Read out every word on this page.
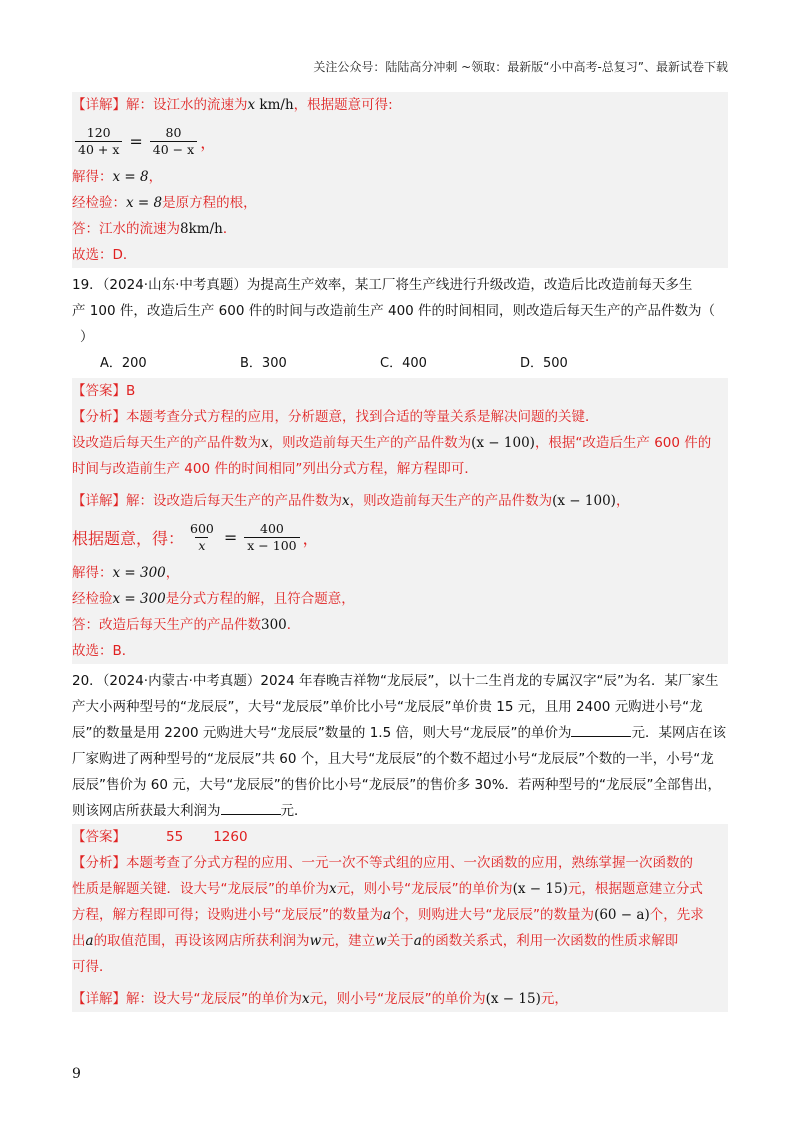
关注公众号：陆陆高分冲刺 ~领取：最新版“小中高考-总复习”、最新试卷下载
【详解】解：设江水的流速为x km/h，根据题意可得:
$\frac{120}{40 + x} = \frac{80}{40 - x}$ ，
解得：x = 8，
经检验：x = 8是原方程的根，
答：江水的流速为8km/h．
故选：D．
19．（2024·山东·中考真题）为提高生产效率，某工厂将生产线进行升级改造，改造后比改造前每天多生
产 100 件，改造后生产 600 件的时间与改造前生产 400 件的时间相同，则改造后每天生产的产品件数为（
）
A．200	B．300	C．400	D．500
【答案】B
【分析】本题考查分式方程的应用，分析题意，找到合适的等量关系是解决问题的关键．
设改造后每天生产的产品件数为x，则改造前每天生产的产品件数为(x − 100)，根据“改造后生产 600 件的
时间与改造前生产 400 件的时间相同”列出分式方程，解方程即可．
【详解】解：设改造后每天生产的产品件数为x，则改造前每天生产的产品件数为(x − 100)，
根据题意，得： $\frac{600}{x} = \frac{400}{x - 100}$ ，
解得：x = 300，
经检验x = 300是分式方程的解，且符合题意，
答：改造后每天生产的产品件数300．
故选：B．
20．（2024·内蒙古·中考真题）2024 年春晚吉祥物“龙辰辰”，以十二生肖龙的专属汉字“辰”为名．某厂家生
产大小两种型号的“龙辰辰”，大号“龙辰辰”单价比小号“龙辰辰”单价贵 15 元，且用 2400 元购进小号“龙
辰”的数量是用 2200 元购进大号“龙辰辰”数量的 1.5 倍，则大号“龙辰辰”的单价为	元．某网店在该
厂家购进了两种型号的“龙辰辰”共 60 个，且大号“龙辰辰”的个数不超过小号“龙辰辰”个数的一半，小号“龙
辰辰”售价为 60 元，大号“龙辰辰”的售价比小号“龙辰辰”的售价多 30%．若两种型号的“龙辰辰”全部售出，
则该网店所获最大利润为	元．
【答案】	55 1260
【分析】本题考查了分式方程的应用、一元一次不等式组的应用、一次函数的应用，熟练掌握一次函数的
性质是解题关键．设大号“龙辰辰”的单价为x元，则小号“龙辰辰”的单价为(x − 15)元，根据题意建立分式
方程，解方程即可得；设购进小号“龙辰辰”的数量为a个，则购进大号“龙辰辰”的数量为(60 − a)个，先求
出a的取值范围，再设该网店所获利润为w元，建立w关于a的函数关系式，利用一次函数的性质求解即
可得．
【详解】解：设大号“龙辰辰”的单价为x元，则小号“龙辰辰”的单价为(x − 15)元，
9
